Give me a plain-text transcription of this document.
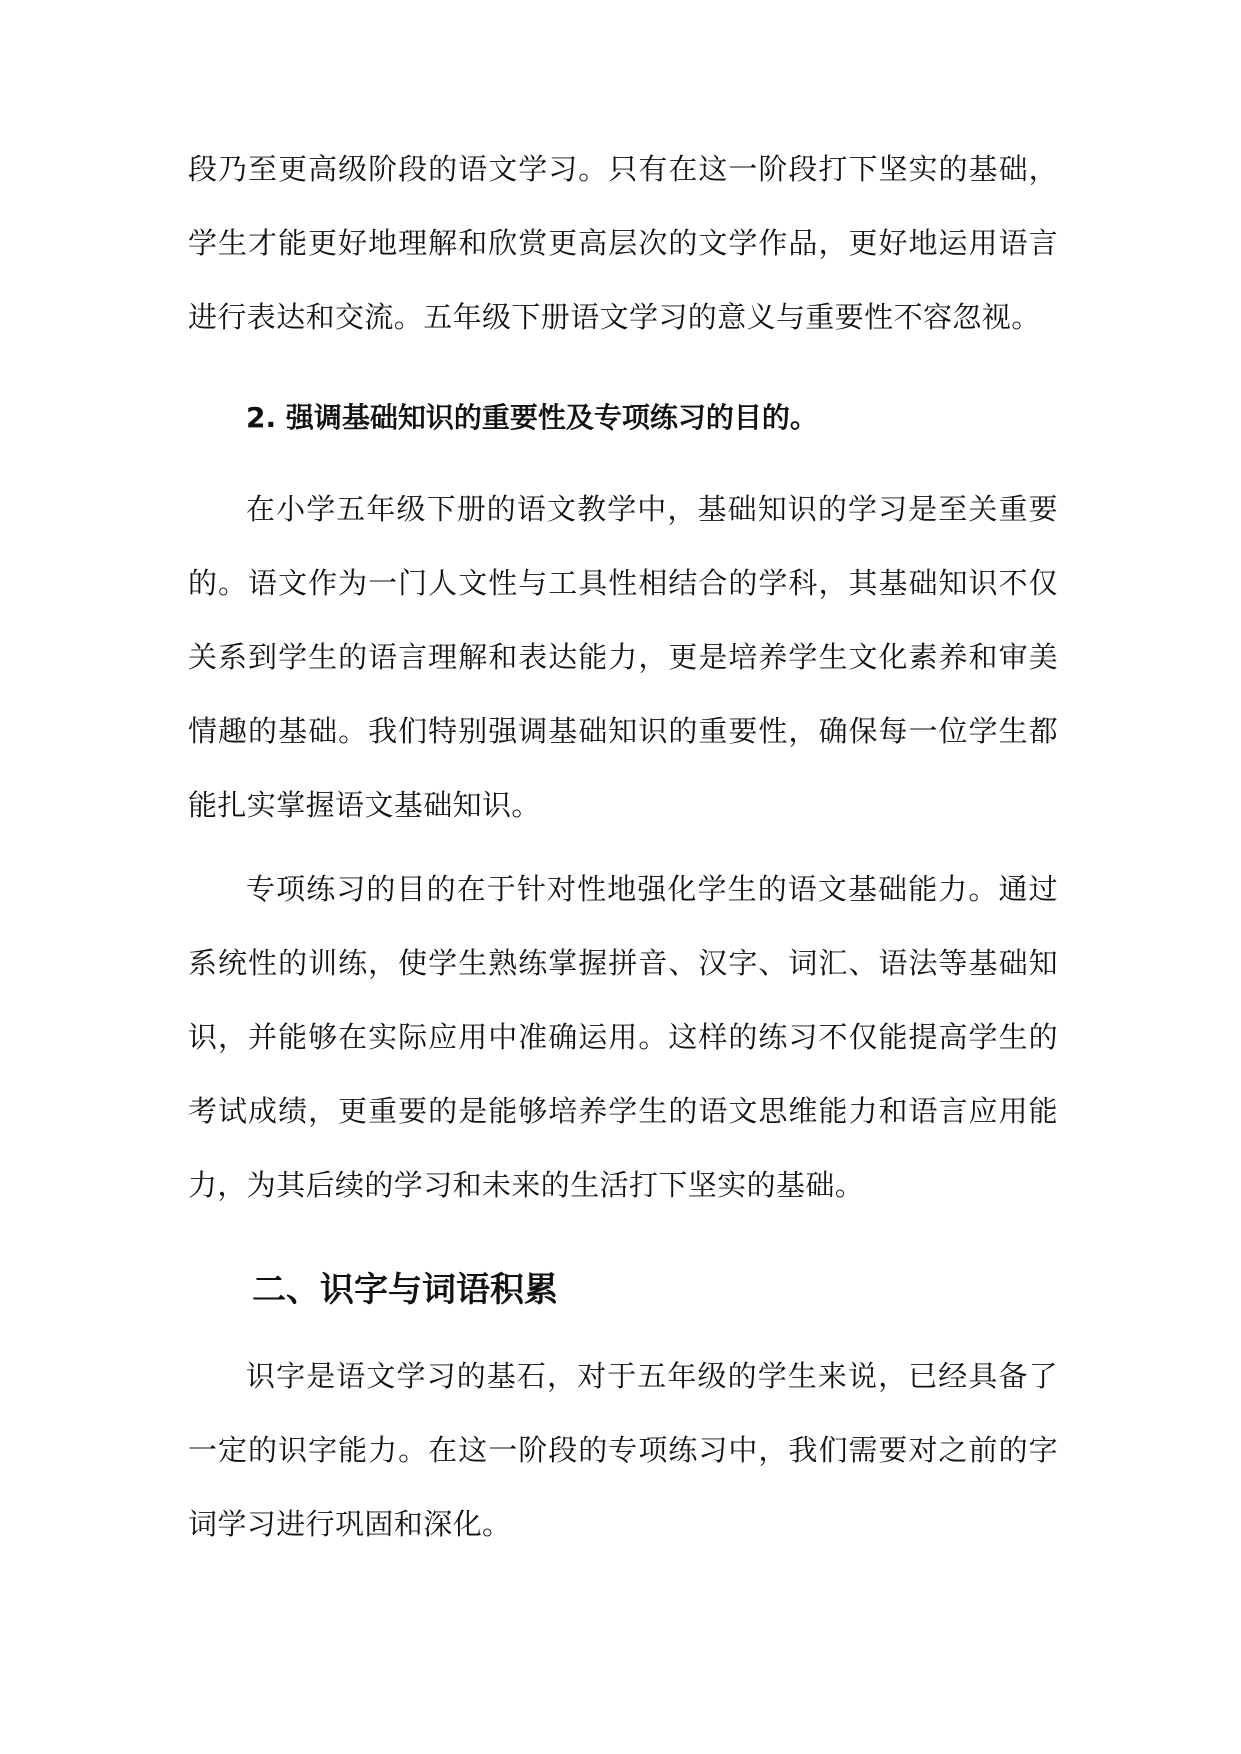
段乃至更高级阶段的语文学习。只有在这一阶段打下坚实的基础，学生才能更好地理解和欣赏更高层次的文学作品，更好地运用语言进行表达和交流。五年级下册语文学习的意义与重要性不容忽视。

2. 强调基础知识的重要性及专项练习的目的。

在小学五年级下册的语文教学中，基础知识的学习是至关重要的。语文作为一门人文性与工具性相结合的学科，其基础知识不仅关系到学生的语言理解和表达能力，更是培养学生文化素养和审美情趣的基础。我们特别强调基础知识的重要性，确保每一位学生都能扎实掌握语文基础知识。

专项练习的目的在于针对性地强化学生的语文基础能力。通过系统性的训练，使学生熟练掌握拼音、汉字、词汇、语法等基础知识，并能够在实际应用中准确运用。这样的练习不仅能提高学生的考试成绩，更重要的是能够培养学生的语文思维能力和语言应用能力，为其后续的学习和未来的生活打下坚实的基础。

二、识字与词语积累

识字是语文学习的基石，对于五年级的学生来说，已经具备了一定的识字能力。在这一阶段的专项练习中，我们需要对之前的字词学习进行巩固和深化。
